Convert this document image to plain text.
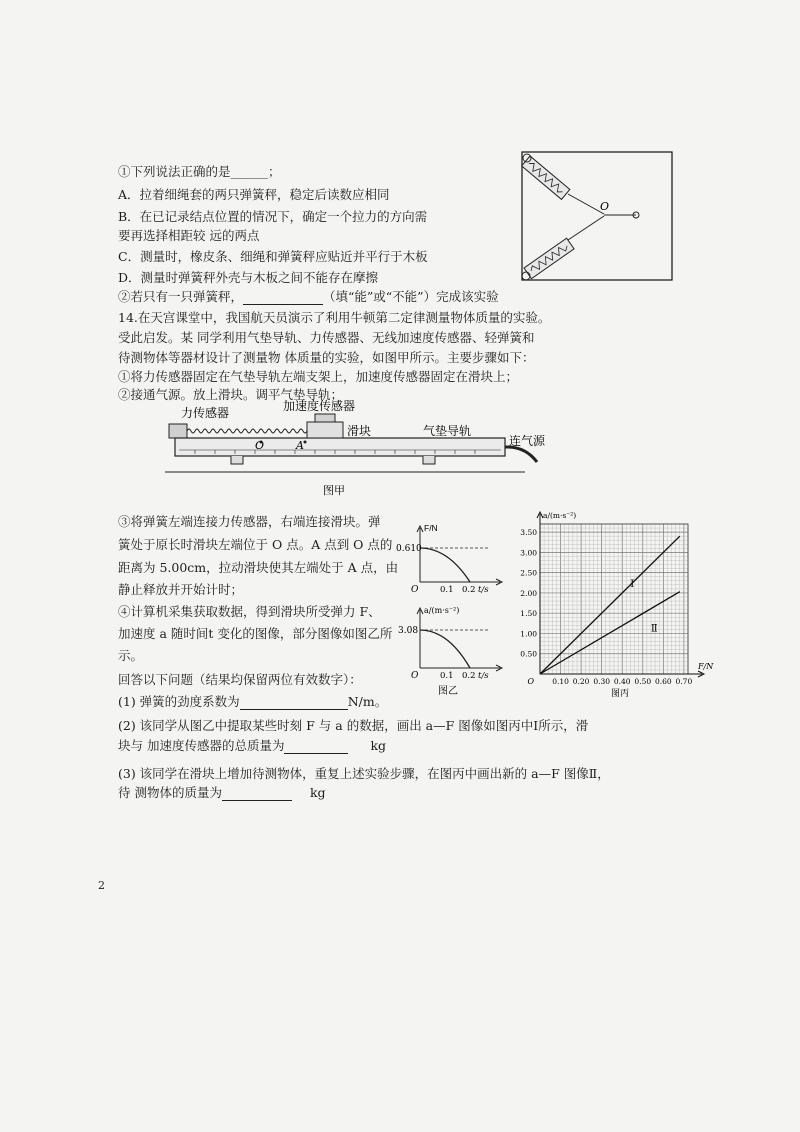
①下列说法正确的是______；
A．拉着细绳套的两只弹簧秤，稳定后读数应相同
B．在已记录结点位置的情况下，确定一个拉力的方向需
要再选择相距较 远的两点
C．测量时，橡皮条、细绳和弹簧秤应贴近并平行于木板
D．测量时弹簧秤外壳与木板之间不能存在摩擦
②若只有一只弹簧秤，	（填“能”或“不能”）完成该实验
O
14.在天宫课堂中，我国航天员演示了利用牛顿第二定律测量物体质量的实验。
受此启发。某 同学利用气垫导轨、力传感器、无线加速度传感器、轻弹簧和
待测物体等器材设计了测量物 体质量的实验，如图甲所示。主要步骤如下：
①将力传感器固定在气垫导轨左端支架上，加速度传感器固定在滑块上；
②接通气源。放上滑块。调平气垫导轨；
力传感器	加速度传感器
滑块	气垫导轨
连气源
O	A
图甲
③将弹簧左端连接力传感器，右端连接滑块。弹
簧处于原长时滑块左端位于 O 点。A 点到 O 点的
距离为 5.00cm，拉动滑块使其左端处于 A 点，由
静止释放并开始计时；
④计算机采集获取数据，得到滑块所受弹力 F、
加速度 a 随时间t 变化的图像，部分图像如图乙所
示。
回答以下问题（结果均保留两位有效数字）：
F/N
0.610
O	0.1 0.2 t/s
a/(m·s⁻²)
3.08
O	0.1 0.2 t/s
图乙
0.10 0.20 0.30 0.40 0.50 0.60 0.70
0.50
1.00
1.50
2.00
2.50
3.00
3.50
O
F/N
a/(m·s⁻²)
图丙
Ⅰ
Ⅱ
(1) 弹簧的劲度系数为	N/m。
(2) 该同学从图乙中提取某些时刻 F 与 a 的数据，画出 a—F 图像如图丙中Ⅰ所示，滑
块与 加速度传感器的总质量为	kg
(3) 该同学在滑块上增加待测物体，重复上述实验步骤，在图丙中画出新的 a—F 图像Ⅱ，
待 测物体的质量为	kg
2
